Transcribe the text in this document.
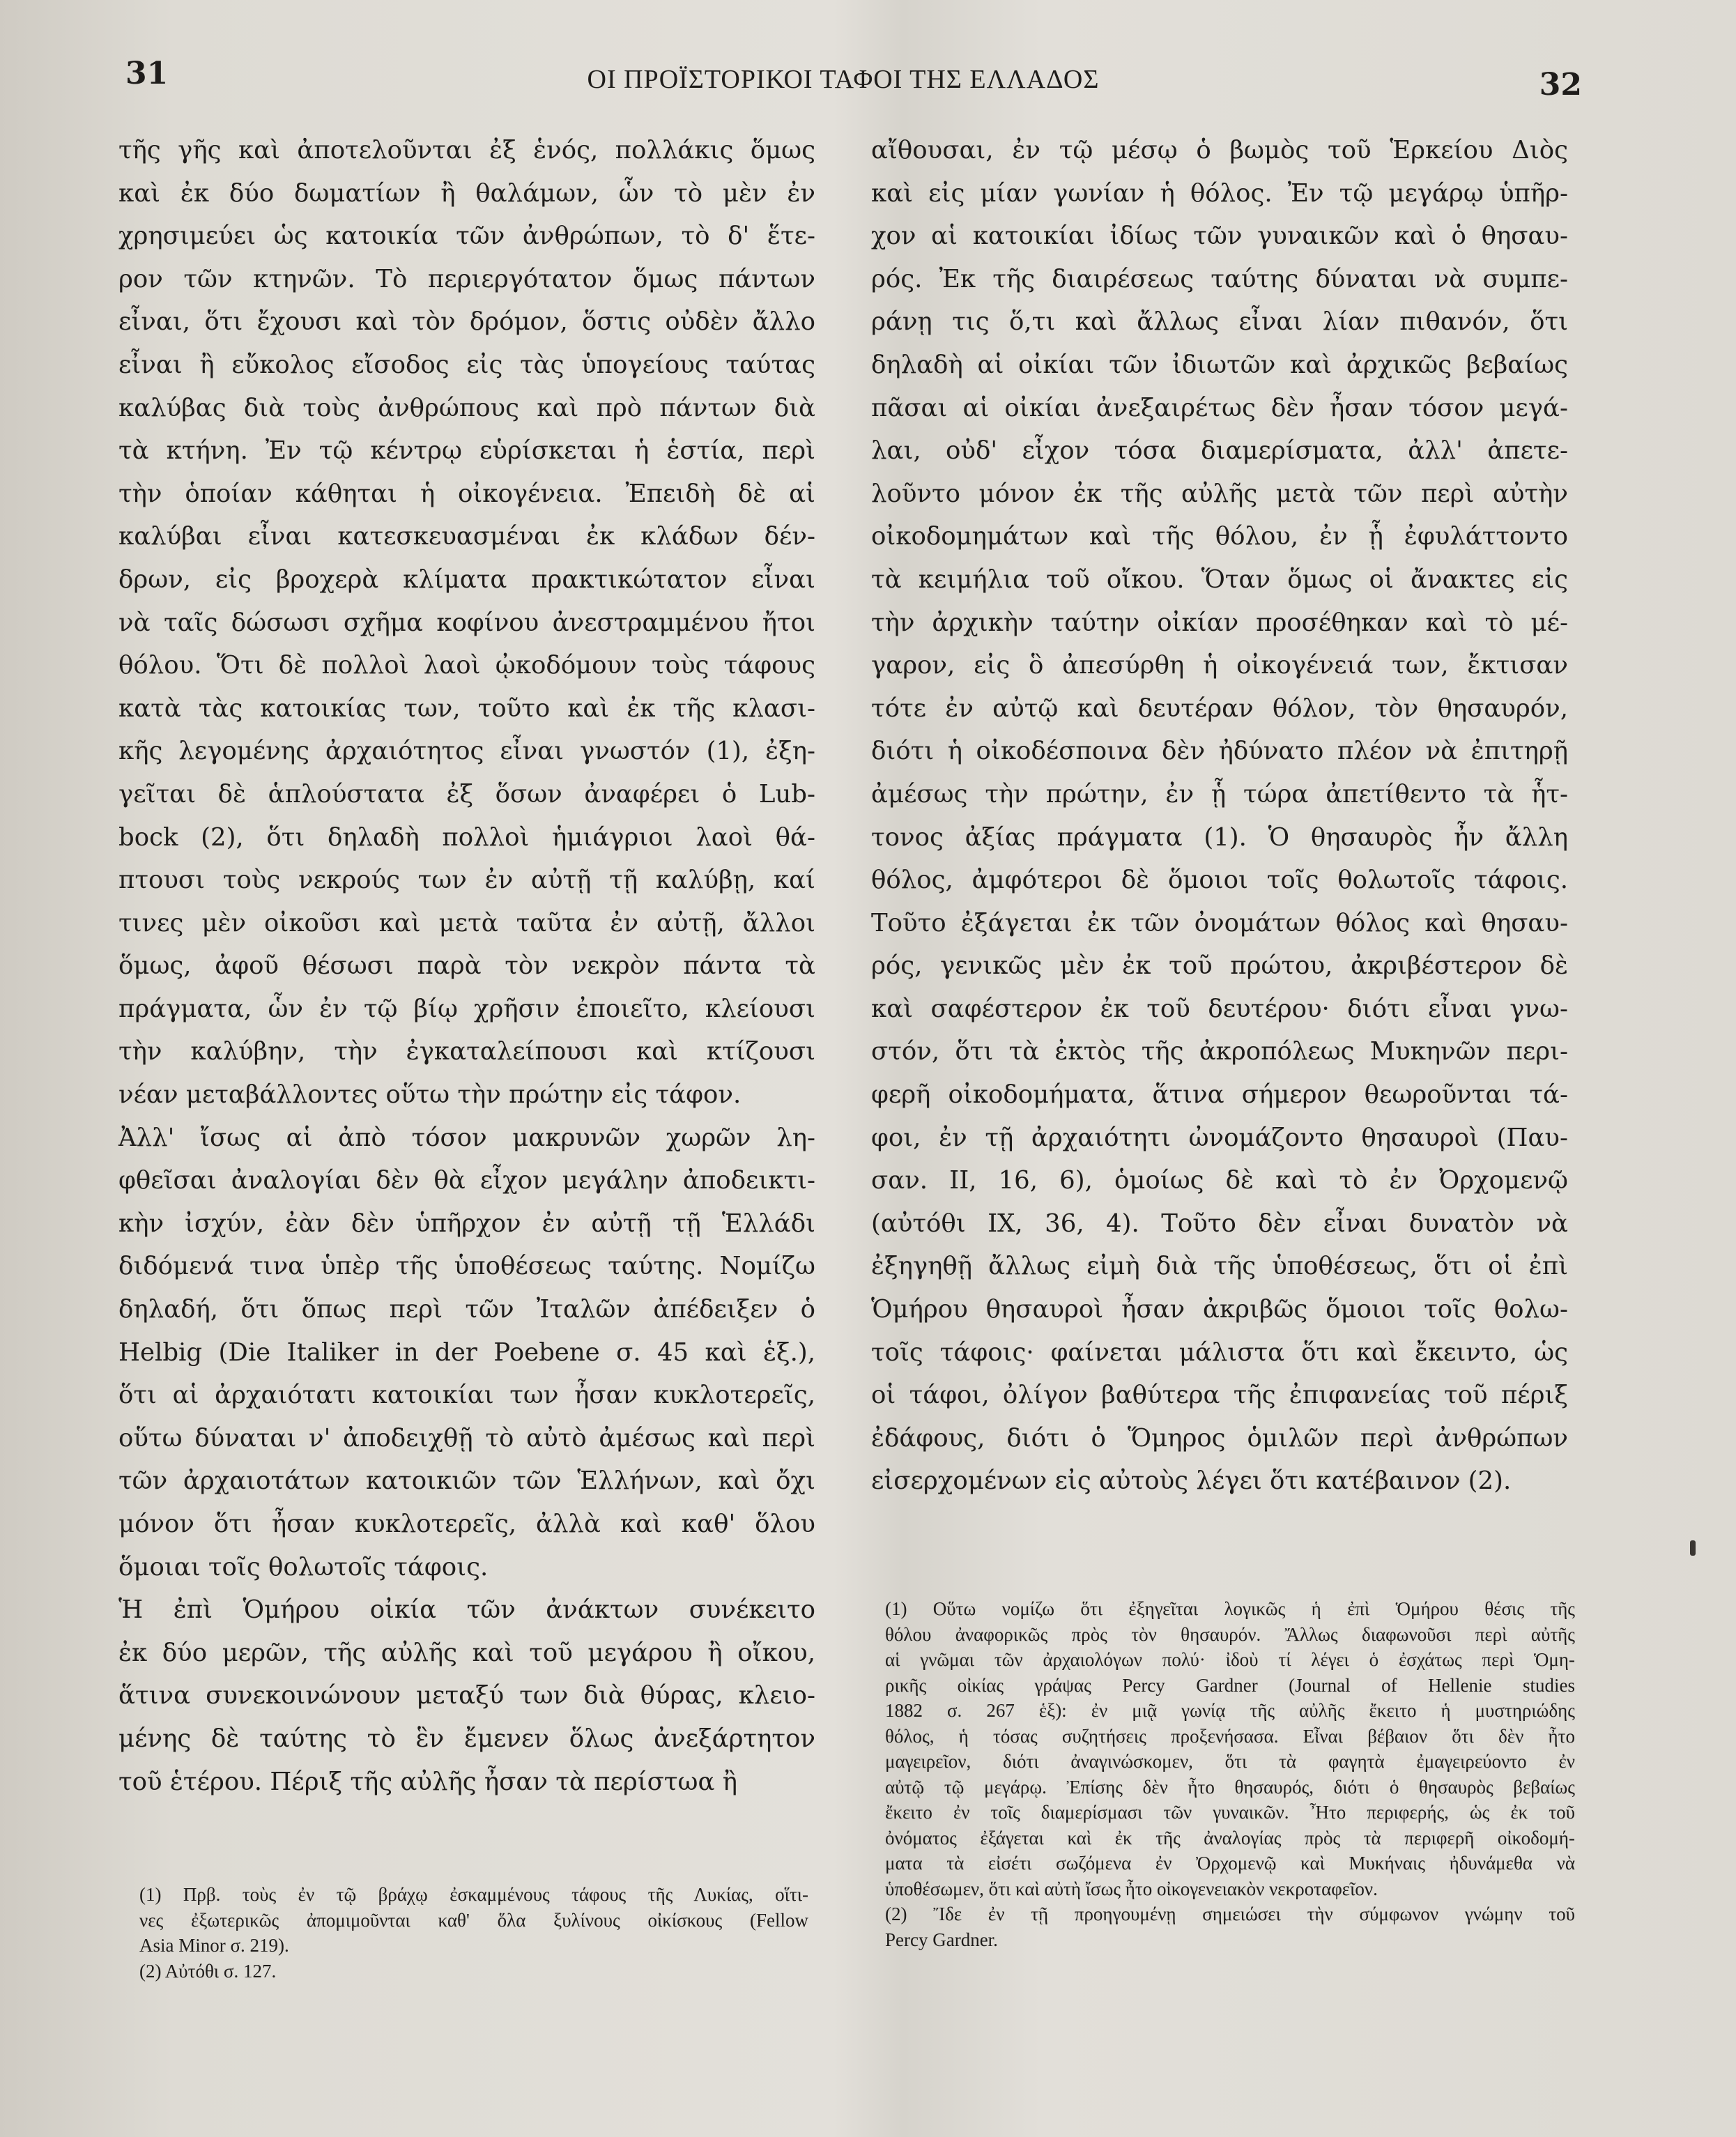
31	ΟΙ ΠΡΟΪΣΤΟΡΙΚΟΙ ΤΑΦΟΙ ΤΗΣ ΕΛΛΑΔΟΣ	32
τῆς γῆς καὶ ἀποτελοῦνται ἐξ ἑνός, πολλάκις ὅμως
καὶ ἐκ δύο δωματίων ἢ θαλάμων, ὧν τὸ μὲν ἐν
χρησιμεύει ὡς κατοικία τῶν ἀνθρώπων, τὸ δ' ἕτε-
ρον τῶν κτηνῶν. Τὸ περιεργότατον ὅμως πάντων
εἶναι, ὅτι ἔχουσι καὶ τὸν δρόμον, ὅστις οὐδὲν ἄλλο
εἶναι ἢ εὔκολος εἴσοδος εἰς τὰς ὑπογείους ταύτας
καλύβας διὰ τοὺς ἀνθρώπους καὶ πρὸ πάντων διὰ
τὰ κτήνη. Ἐν τῷ κέντρῳ εὑρίσκεται ἡ ἑστία, περὶ
τὴν ὁποίαν κάθηται ἡ οἰκογένεια. Ἐπειδὴ δὲ αἱ
καλύβαι εἶναι κατεσκευασμέναι ἐκ κλάδων δέν-
δρων, εἰς βροχερὰ κλίματα πρακτικώτατον εἶναι
νὰ ταῖς δώσωσι σχῆμα κοφίνου ἀνεστραμμένου ἤτοι
θόλου. Ὅτι δὲ πολλοὶ λαοὶ ᾠκοδόμουν τοὺς τάφους
κατὰ τὰς κατοικίας των, τοῦτο καὶ ἐκ τῆς κλασι-
κῆς λεγομένης ἀρχαιότητος εἶναι γνωστόν (1), ἐξη-
γεῖται δὲ ἁπλούστατα ἐξ ὅσων ἀναφέρει ὁ Lub-
bock (2), ὅτι δηλαδὴ πολλοὶ ἡμιάγριοι λαοὶ θά-
πτουσι τοὺς νεκρούς των ἐν αὐτῇ τῇ καλύβῃ, καί
τινες μὲν οἰκοῦσι καὶ μετὰ ταῦτα ἐν αὐτῇ, ἄλλοι
ὅμως, ἀφοῦ θέσωσι παρὰ τὸν νεκρὸν πάντα τὰ
πράγματα, ὧν ἐν τῷ βίῳ χρῆσιν ἐποιεῖτο, κλείουσι
τὴν καλύβην, τὴν ἐγκαταλείπουσι καὶ κτίζουσι
νέαν μεταβάλλοντες οὕτω τὴν πρώτην εἰς τάφον.
Ἀλλ' ἴσως αἱ ἀπὸ τόσον μακρυνῶν χωρῶν λη-
φθεῖσαι ἀναλογίαι δὲν θὰ εἶχον μεγάλην ἀποδεικτι-
κὴν ἰσχύν, ἐὰν δὲν ὑπῆρχον ἐν αὐτῇ τῇ Ἑλλάδι
διδόμενά τινα ὑπὲρ τῆς ὑποθέσεως ταύτης. Νομίζω
δηλαδή, ὅτι ὅπως περὶ τῶν Ἰταλῶν ἀπέδειξεν ὁ
Helbig (Die Italiker in der Poebene σ. 45 καὶ ἑξ.),
ὅτι αἱ ἀρχαιότατι κατοικίαι των ἦσαν κυκλοτερεῖς,
οὕτω δύναται ν' ἀποδειχθῇ τὸ αὐτὸ ἀμέσως καὶ περὶ
τῶν ἀρχαιοτάτων κατοικιῶν τῶν Ἑλλήνων, καὶ ὄχι
μόνον ὅτι ἦσαν κυκλοτερεῖς, ἀλλὰ καὶ καθ' ὅλου
ὅμοιαι τοῖς θολωτοῖς τάφοις.
Ἡ ἐπὶ Ὁμήρου οἰκία τῶν ἀνάκτων συνέκειτο
ἐκ δύο μερῶν, τῆς αὐλῆς καὶ τοῦ μεγάρου ἢ οἴκου,
ἅτινα συνεκοινώνουν μεταξύ των διὰ θύρας, κλειο-
μένης δὲ ταύτης τὸ ἓν ἔμενεν ὅλως ἀνεξάρτητον
τοῦ ἑτέρου. Πέριξ τῆς αὐλῆς ἦσαν τὰ περίστωα ἢ
αἴθουσαι, ἐν τῷ μέσῳ ὁ βωμὸς τοῦ Ἑρκείου Διὸς
καὶ εἰς μίαν γωνίαν ἡ θόλος. Ἐν τῷ μεγάρῳ ὑπῆρ-
χον αἱ κατοικίαι ἰδίως τῶν γυναικῶν καὶ ὁ θησαυ-
ρός. Ἐκ τῆς διαιρέσεως ταύτης δύναται νὰ συμπε-
ράνῃ τις ὅ,τι καὶ ἄλλως εἶναι λίαν πιθανόν, ὅτι
δηλαδὴ αἱ οἰκίαι τῶν ἰδιωτῶν καὶ ἀρχικῶς βεβαίως
πᾶσαι αἱ οἰκίαι ἀνεξαιρέτως δὲν ἦσαν τόσον μεγά-
λαι, οὐδ' εἶχον τόσα διαμερίσματα, ἀλλ' ἀπετε-
λοῦντο μόνον ἐκ τῆς αὐλῆς μετὰ τῶν περὶ αὐτὴν
οἰκοδομημάτων καὶ τῆς θόλου, ἐν ᾗ ἐφυλάττοντο
τὰ κειμήλια τοῦ οἴκου. Ὅταν ὅμως οἱ ἄνακτες εἰς
τὴν ἀρχικὴν ταύτην οἰκίαν προσέθηκαν καὶ τὸ μέ-
γαρον, εἰς ὃ ἀπεσύρθη ἡ οἰκογένειά των, ἔκτισαν
τότε ἐν αὐτῷ καὶ δευτέραν θόλον, τὸν θησαυρόν,
διότι ἡ οἰκοδέσποινα δὲν ἠδύνατο πλέον νὰ ἐπιτηρῇ
ἀμέσως τὴν πρώτην, ἐν ᾗ τώρα ἀπετίθεντο τὰ ἧτ-
τονος ἀξίας πράγματα (1). Ὁ θησαυρὸς ἦν ἄλλη
θόλος, ἀμφότεροι δὲ ὅμοιοι τοῖς θολωτοῖς τάφοις.
Τοῦτο ἐξάγεται ἐκ τῶν ὀνομάτων θόλος καὶ θησαυ-
ρός, γενικῶς μὲν ἐκ τοῦ πρώτου, ἀκριβέστερον δὲ
καὶ σαφέστερον ἐκ τοῦ δευτέρου· διότι εἶναι γνω-
στόν, ὅτι τὰ ἐκτὸς τῆς ἀκροπόλεως Μυκηνῶν περι-
φερῆ οἰκοδομήματα, ἅτινα σήμερον θεωροῦνται τά-
φοι, ἐν τῇ ἀρχαιότητι ὠνομάζοντο θησαυροὶ (Παυ-
σαν. II, 16, 6), ὁμοίως δὲ καὶ τὸ ἐν Ὀρχομενῷ
(αὐτόθι IX, 36, 4). Τοῦτο δὲν εἶναι δυνατὸν νὰ
ἐξηγηθῇ ἄλλως εἰμὴ διὰ τῆς ὑποθέσεως, ὅτι οἱ ἐπὶ
Ὁμήρου θησαυροὶ ἦσαν ἀκριβῶς ὅμοιοι τοῖς θολω-
τοῖς τάφοις· φαίνεται μάλιστα ὅτι καὶ ἔκειντο, ὡς
οἱ τάφοι, ὀλίγον βαθύτερα τῆς ἐπιφανείας τοῦ πέριξ
ἐδάφους, διότι ὁ Ὅμηρος ὁμιλῶν περὶ ἀνθρώπων
εἰσερχομένων εἰς αὐτοὺς λέγει ὅτι κατέβαινον (2).
(1) Πρβ. τοὺς ἐν τῷ βράχῳ ἐσκαμμένους τάφους τῆς Λυκίας, οἵτι-
νες ἐξωτερικῶς ἀπομιμοῦνται καθ' ὅλα ξυλίνους οἰκίσκους (Fellow
Asia Minor σ. 219).
(2) Αὐτόθι σ. 127.
(1) Οὕτω νομίζω ὅτι ἐξηγεῖται λογικῶς ἡ ἐπὶ Ὁμήρου θέσις τῆς
θόλου ἀναφορικῶς πρὸς τὸν θησαυρόν. Ἄλλως διαφωνοῦσι περὶ αὐτῆς
αἱ γνῶμαι τῶν ἀρχαιολόγων πολύ· ἰδοὺ τί λέγει ὁ ἐσχάτως περὶ Ὁμη-
ρικῆς οἰκίας γράψας Percy Gardner (Journal of Hellenie studies
1882 σ. 267 ἑξ): ἐν μιᾷ γωνίᾳ τῆς αὐλῆς ἔκειτο ἡ μυστηριώδης
θόλος, ἡ τόσας συζητήσεις προξενήσασα. Εἶναι βέβαιον ὅτι δὲν ἦτο
μαγειρεῖον, διότι ἀναγινώσκομεν, ὅτι τὰ φαγητὰ ἐμαγειρεύοντο ἐν
αὐτῷ τῷ μεγάρῳ. Ἐπίσης δὲν ἦτο θησαυρός, διότι ὁ θησαυρὸς βεβαίως
ἔκειτο ἐν τοῖς διαμερίσμασι τῶν γυναικῶν. Ἦτο περιφερής, ὡς ἐκ τοῦ
ὀνόματος ἐξάγεται καὶ ἐκ τῆς ἀναλογίας πρὸς τὰ περιφερῆ οἰκοδομή-
ματα τὰ εἰσέτι σωζόμενα ἐν Ὀρχομενῷ καὶ Μυκήναις ἠδυνάμεθα νὰ
ὑποθέσωμεν, ὅτι καὶ αὐτὴ ἴσως ἦτο οἰκογενειακὸν νεκροταφεῖον.
(2) Ἴδε ἐν τῇ προηγουμένῃ σημειώσει τὴν σύμφωνον γνώμην τοῦ
Percy Gardner.
